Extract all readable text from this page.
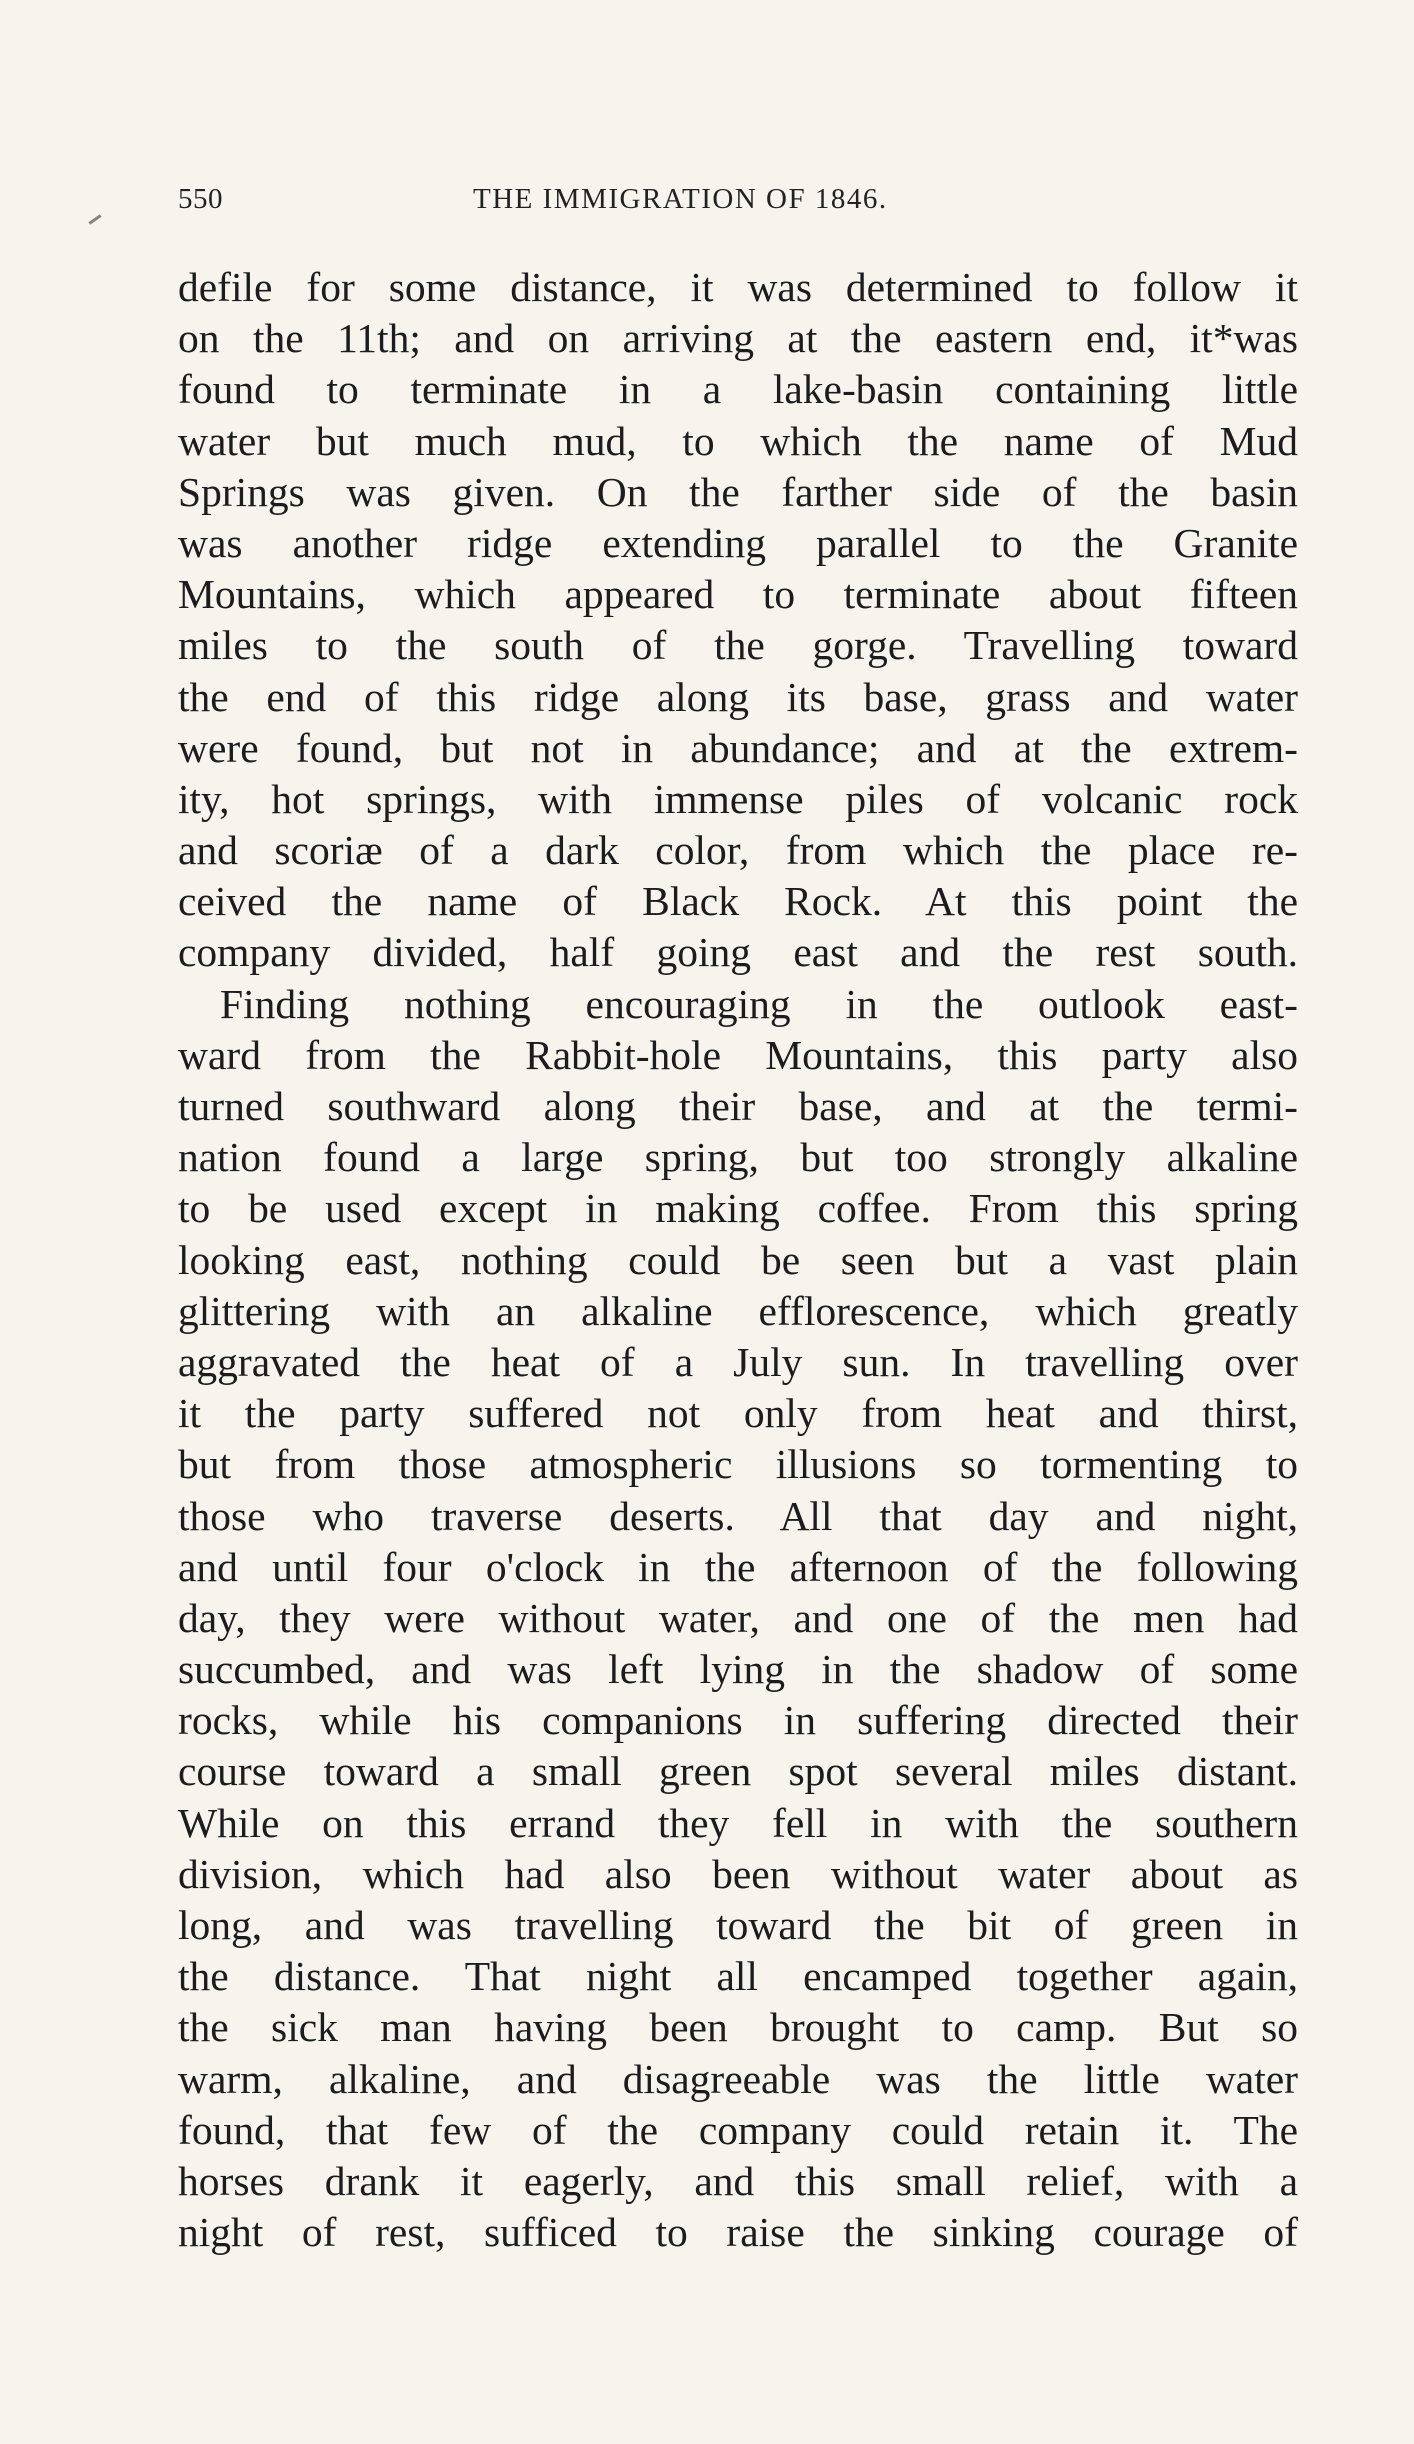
550	THE IMMIGRATION OF 1846.
defile for some distance, it was determined to follow it
on the 11th; and on arriving at the eastern end, it*was
found to terminate in a lake-basin containing little
water but much mud, to which the name of Mud
Springs was given. On the farther side of the basin
was another ridge extending parallel to the Granite
Mountains, which appeared to terminate about fifteen
miles to the south of the gorge. Travelling toward
the end of this ridge along its base, grass and water
were found, but not in abundance; and at the extrem-
ity, hot springs, with immense piles of volcanic rock
and scoriæ of a dark color, from which the place re-
ceived the name of Black Rock. At this point the
company divided, half going east and the rest south.
Finding nothing encouraging in the outlook east-
ward from the Rabbit-hole Mountains, this party also
turned southward along their base, and at the termi-
nation found a large spring, but too strongly alkaline
to be used except in making coffee. From this spring
looking east, nothing could be seen but a vast plain
glittering with an alkaline efflorescence, which greatly
aggravated the heat of a July sun. In travelling over
it the party suffered not only from heat and thirst,
but from those atmospheric illusions so tormenting to
those who traverse deserts. All that day and night,
and until four o'clock in the afternoon of the following
day, they were without water, and one of the men had
succumbed, and was left lying in the shadow of some
rocks, while his companions in suffering directed their
course toward a small green spot several miles distant.
While on this errand they fell in with the southern
division, which had also been without water about as
long, and was travelling toward the bit of green in
the distance. That night all encamped together again,
the sick man having been brought to camp. But so
warm, alkaline, and disagreeable was the little water
found, that few of the company could retain it. The
horses drank it eagerly, and this small relief, with a
night of rest, sufficed to raise the sinking courage of
